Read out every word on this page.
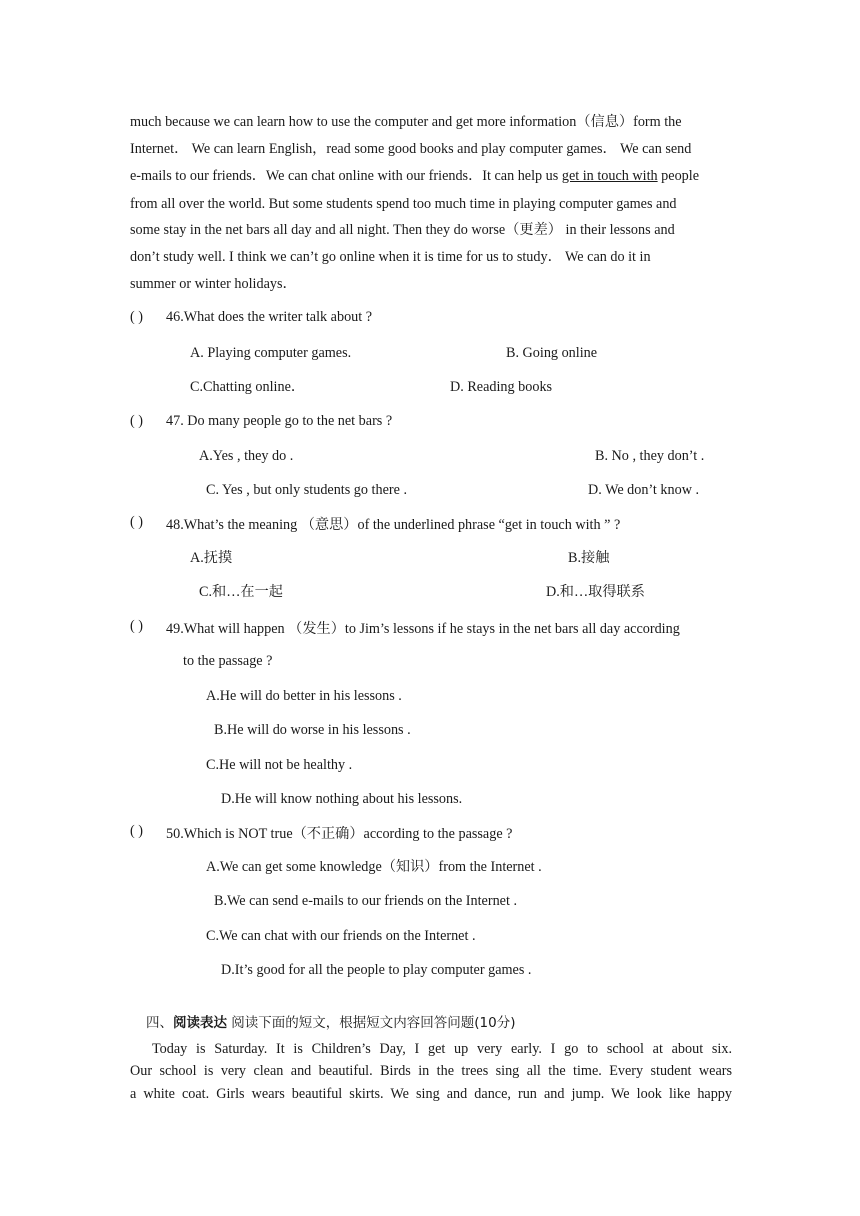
much because we can learn how to use the computer and get more information（信息）form the
Internet． We can learn English，read some good books and play computer games． We can send
e-mails to our friends．We can chat online with our friends．It can help us get in touch with people
from all over the world. But some students spend too much time in playing computer games and
some stay in the net bars all day and all night. Then they do worse（更差） in their lessons and
don’t study well. I think we can’t go online when it is time for us to study． We can do it in
summer or winter holidays．
( ) 46.What does the writer talk about ?
A. Playing computer games.	B. Going online
C.Chatting online．	D. Reading books
( ) 47. Do many people go to the net bars ?
A.Yes , they do .	B. No , they don’t .
C. Yes , but only students go there .	D. We don’t know .
( ) 48.What’s the meaning （意思）of the underlined phrase “get in touch with ” ?
A.抚摸	B.接触
C.和…在一起	D.和…取得联系
( ) 49.What will happen （发生）to Jim’s lessons if he stays in the net bars all day according
to the passage ?
A.He will do better in his lessons .
B.He will do worse in his lessons .
C.He will not be healthy .
D.He will know nothing about his lessons.
( ) 50.Which is NOT true（不正确）according to the passage ?
A.We can get some knowledge（知识）from the Internet .
B.We can send e-mails to our friends on the Internet .
C.We can chat with our friends on the Internet .
D.It’s good for all the people to play computer games .
四、阅读表达 阅读下面的短文，根据短文内容回答问题(10分)
Today is Saturday. It is Children’s Day, I get up very early. I go to school at about six.
Our school is very clean and beautiful. Birds in the trees sing all the time. Every student wears
a white coat. Girls wears beautiful skirts. We sing and dance, run and jump. We look like happy
